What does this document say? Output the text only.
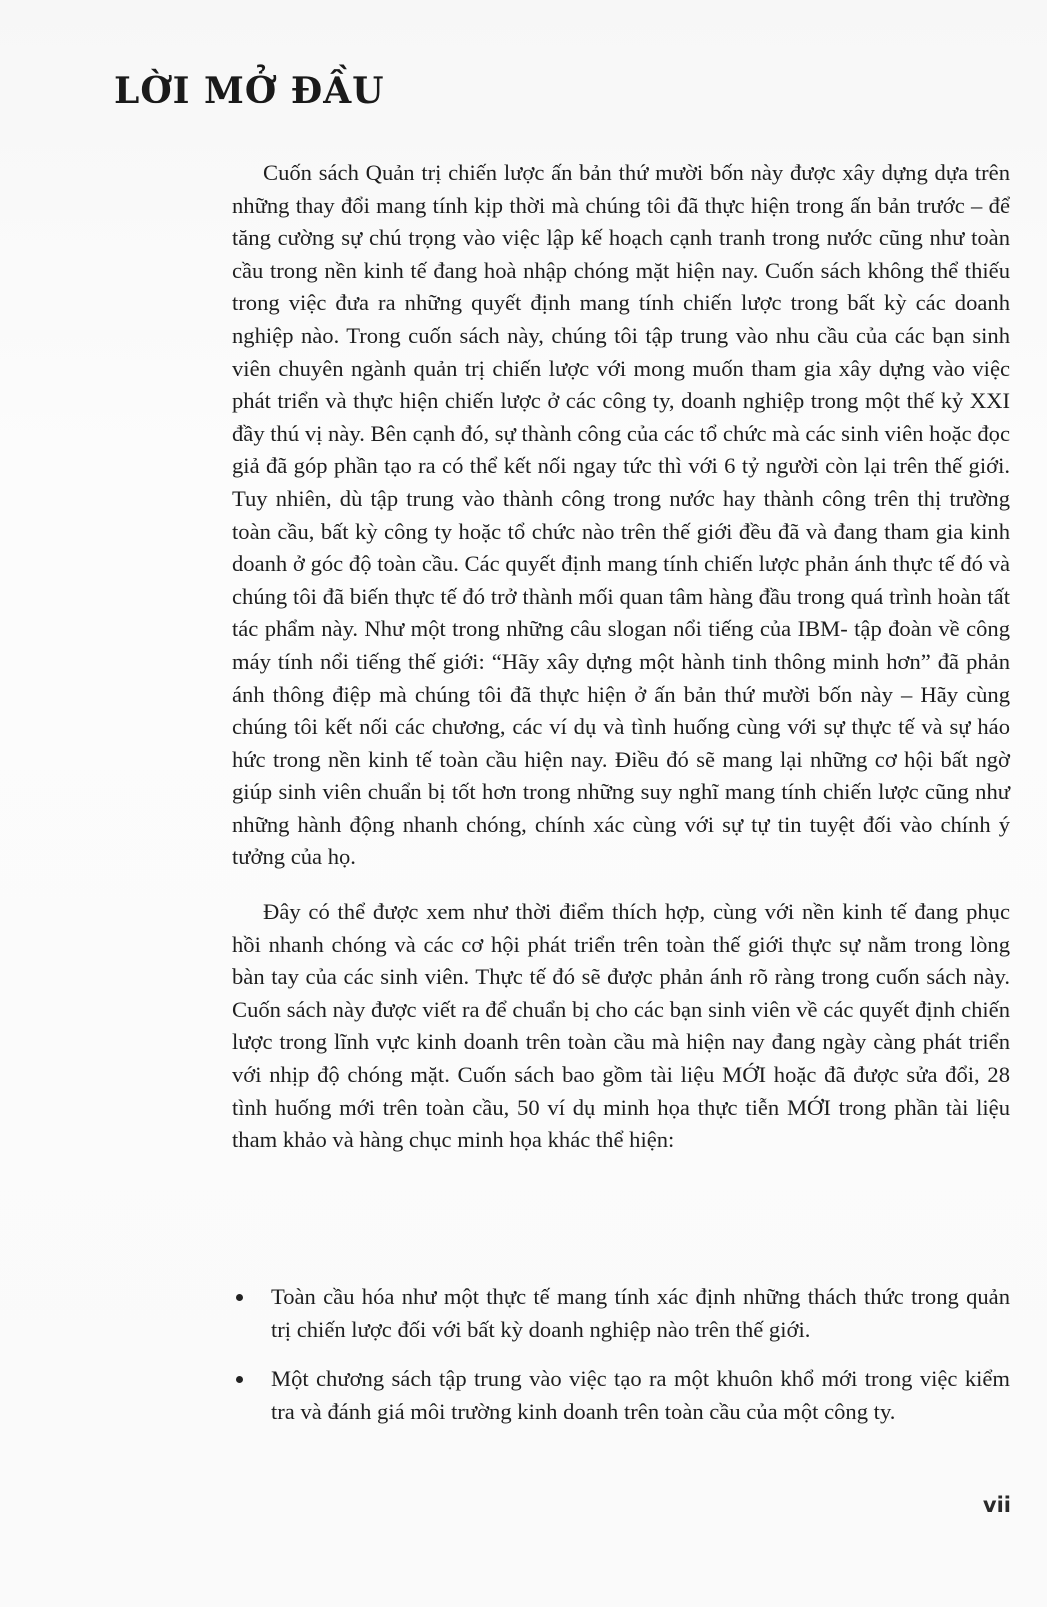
LỜI MỞ ĐẦU

Cuốn sách Quản trị chiến lược ấn bản thứ mười bốn này được xây dựng dựa trên những thay đổi mang tính kịp thời mà chúng tôi đã thực hiện trong ấn bản trước – để tăng cường sự chú trọng vào việc lập kế hoạch cạnh tranh trong nước cũng như toàn cầu trong nền kinh tế đang hoà nhập chóng mặt hiện nay. Cuốn sách không thể thiếu trong việc đưa ra những quyết định mang tính chiến lược trong bất kỳ các doanh nghiệp nào. Trong cuốn sách này, chúng tôi tập trung vào nhu cầu của các bạn sinh viên chuyên ngành quản trị chiến lược với mong muốn tham gia xây dựng vào việc phát triển và thực hiện chiến lược ở các công ty, doanh nghiệp trong một thế kỷ XXI đầy thú vị này. Bên cạnh đó, sự thành công của các tổ chức mà các sinh viên hoặc đọc giả đã góp phần tạo ra có thể kết nối ngay tức thì với 6 tỷ người còn lại trên thế giới. Tuy nhiên, dù tập trung vào thành công trong nước hay thành công trên thị trường toàn cầu, bất kỳ công ty hoặc tổ chức nào trên thế giới đều đã và đang tham gia kinh doanh ở góc độ toàn cầu. Các quyết định mang tính chiến lược phản ánh thực tế đó và chúng tôi đã biến thực tế đó trở thành mối quan tâm hàng đầu trong quá trình hoàn tất tác phẩm này. Như một trong những câu slogan nổi tiếng của IBM- tập đoàn về công máy tính nổi tiếng thế giới: “Hãy xây dựng một hành tinh thông minh hơn” đã phản ánh thông điệp mà chúng tôi đã thực hiện ở ấn bản thứ mười bốn này – Hãy cùng chúng tôi kết nối các chương, các ví dụ và tình huống cùng với sự thực tế và sự háo hức trong nền kinh tế toàn cầu hiện nay. Điều đó sẽ mang lại những cơ hội bất ngờ giúp sinh viên chuẩn bị tốt hơn trong những suy nghĩ mang tính chiến lược cũng như những hành động nhanh chóng, chính xác cùng với sự tự tin tuyệt đối vào chính ý tưởng của họ.

Đây có thể được xem như thời điểm thích hợp, cùng với nền kinh tế đang phục hồi nhanh chóng và các cơ hội phát triển trên toàn thế giới thực sự nằm trong lòng bàn tay của các sinh viên. Thực tế đó sẽ được phản ánh rõ ràng trong cuốn sách này. Cuốn sách này được viết ra để chuẩn bị cho các bạn sinh viên về các quyết định chiến lược trong lĩnh vực kinh doanh trên toàn cầu mà hiện nay đang ngày càng phát triển với nhịp độ chóng mặt. Cuốn sách bao gồm tài liệu MỚI hoặc đã được sửa đổi, 28 tình huống mới trên toàn cầu, 50 ví dụ minh họa thực tiễn MỚI trong phần tài liệu tham khảo và hàng chục minh họa khác thể hiện:

Toàn cầu hóa như một thực tế mang tính xác định những thách thức trong quản trị chiến lược đối với bất kỳ doanh nghiệp nào trên thế giới.
Một chương sách tập trung vào việc tạo ra một khuôn khổ mới trong việc kiểm tra và đánh giá môi trường kinh doanh trên toàn cầu của một công ty.
vii
